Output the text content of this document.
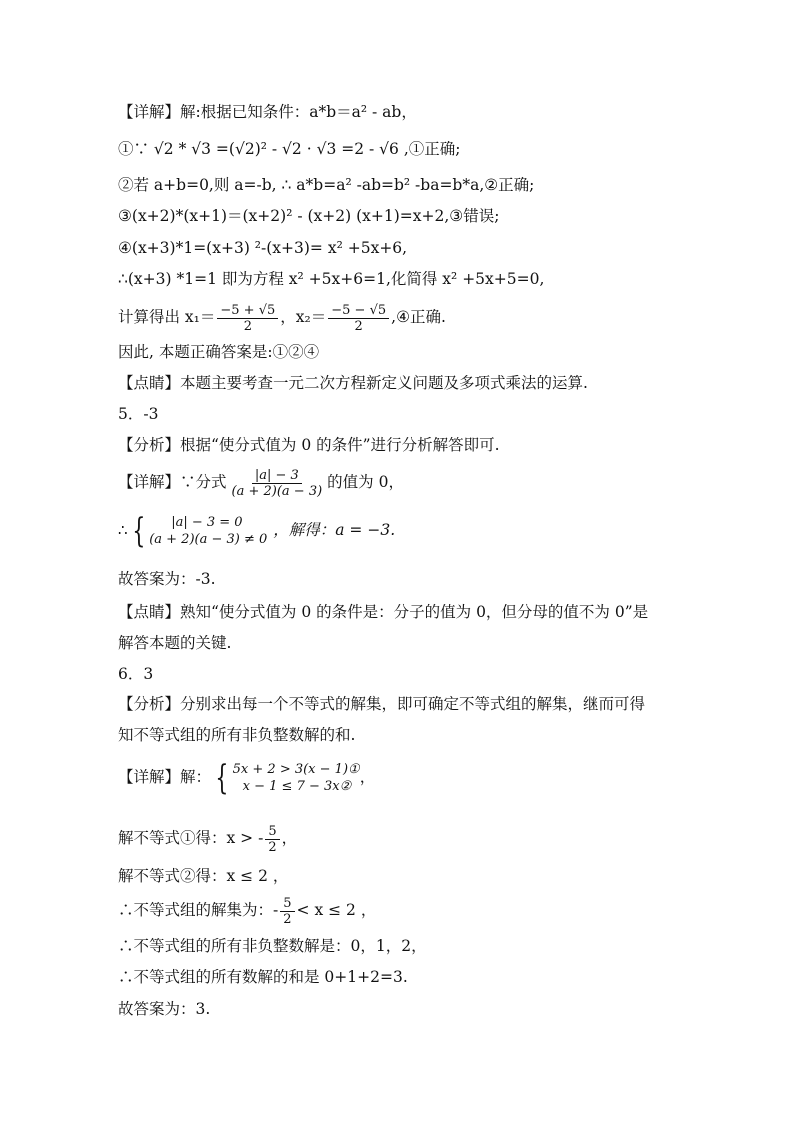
【详解】解:根据已知条件：a*b＝a² - ab，
①∵ √2 * √3 =(√2)² - √2 · √3 =2 - √6 ,①正确;
②若 a+b=0,则 a=-b, ∴ a*b=a² -ab=b² -ba=b*a,②正确;
③(x+2)*(x+1)＝(x+2)² - (x+2) (x+1)=x+2,③错误;
④(x+3)*1=(x+3) ²-(x+3)= x² +5x+6,
∴(x+3) *1=1 即为方程 x² +5x+6=1,化简得 x² +5x+5=0,
计算得出 $x_1= \frac{-5 + √5}{2}$ ，$x_2= \frac{-5 - √5}{2}$ ,④正确.
因此, 本题正确答案是:①②④
【点睛】本题主要考查一元二次方程新定义问题及多项式乘法的运算.
5．-3
【分析】根据“使分式值为 0 的条件”进行分析解答即可.
【详解】∵分式 $\frac{|a| - 3}{(a + 2)(a - 3)}$ 的值为 0，
∴ {	|a| − 3 = 0
(a + 2)(a − 3) ≠ 0
，解得：a = −3.
故答案为：-3.
【点睛】熟知“使分式值为 0 的条件是：分子的值为 0，但分母的值不为 0”是
解答本题的关键.
6．3
【分析】分别求出每一个不等式的解集，即可确定不等式组的解集，继而可得
知不等式组的所有非负整数解的和.
【详解】解： { 5x + 2 > 3(x − 1)①
x − 1 ≤ 7 − 3x②
，
解不等式①得：x > - $\frac{5}{2}$ ，
解不等式②得：x ≤ 2 ，
∴不等式组的解集为：- $\frac{5}{2} < x \le 2$ ，
∴不等式组的所有非负整数解是：0，1，2，
∴不等式组的所有数解的和是 0+1+2=3.
故答案为：3.
